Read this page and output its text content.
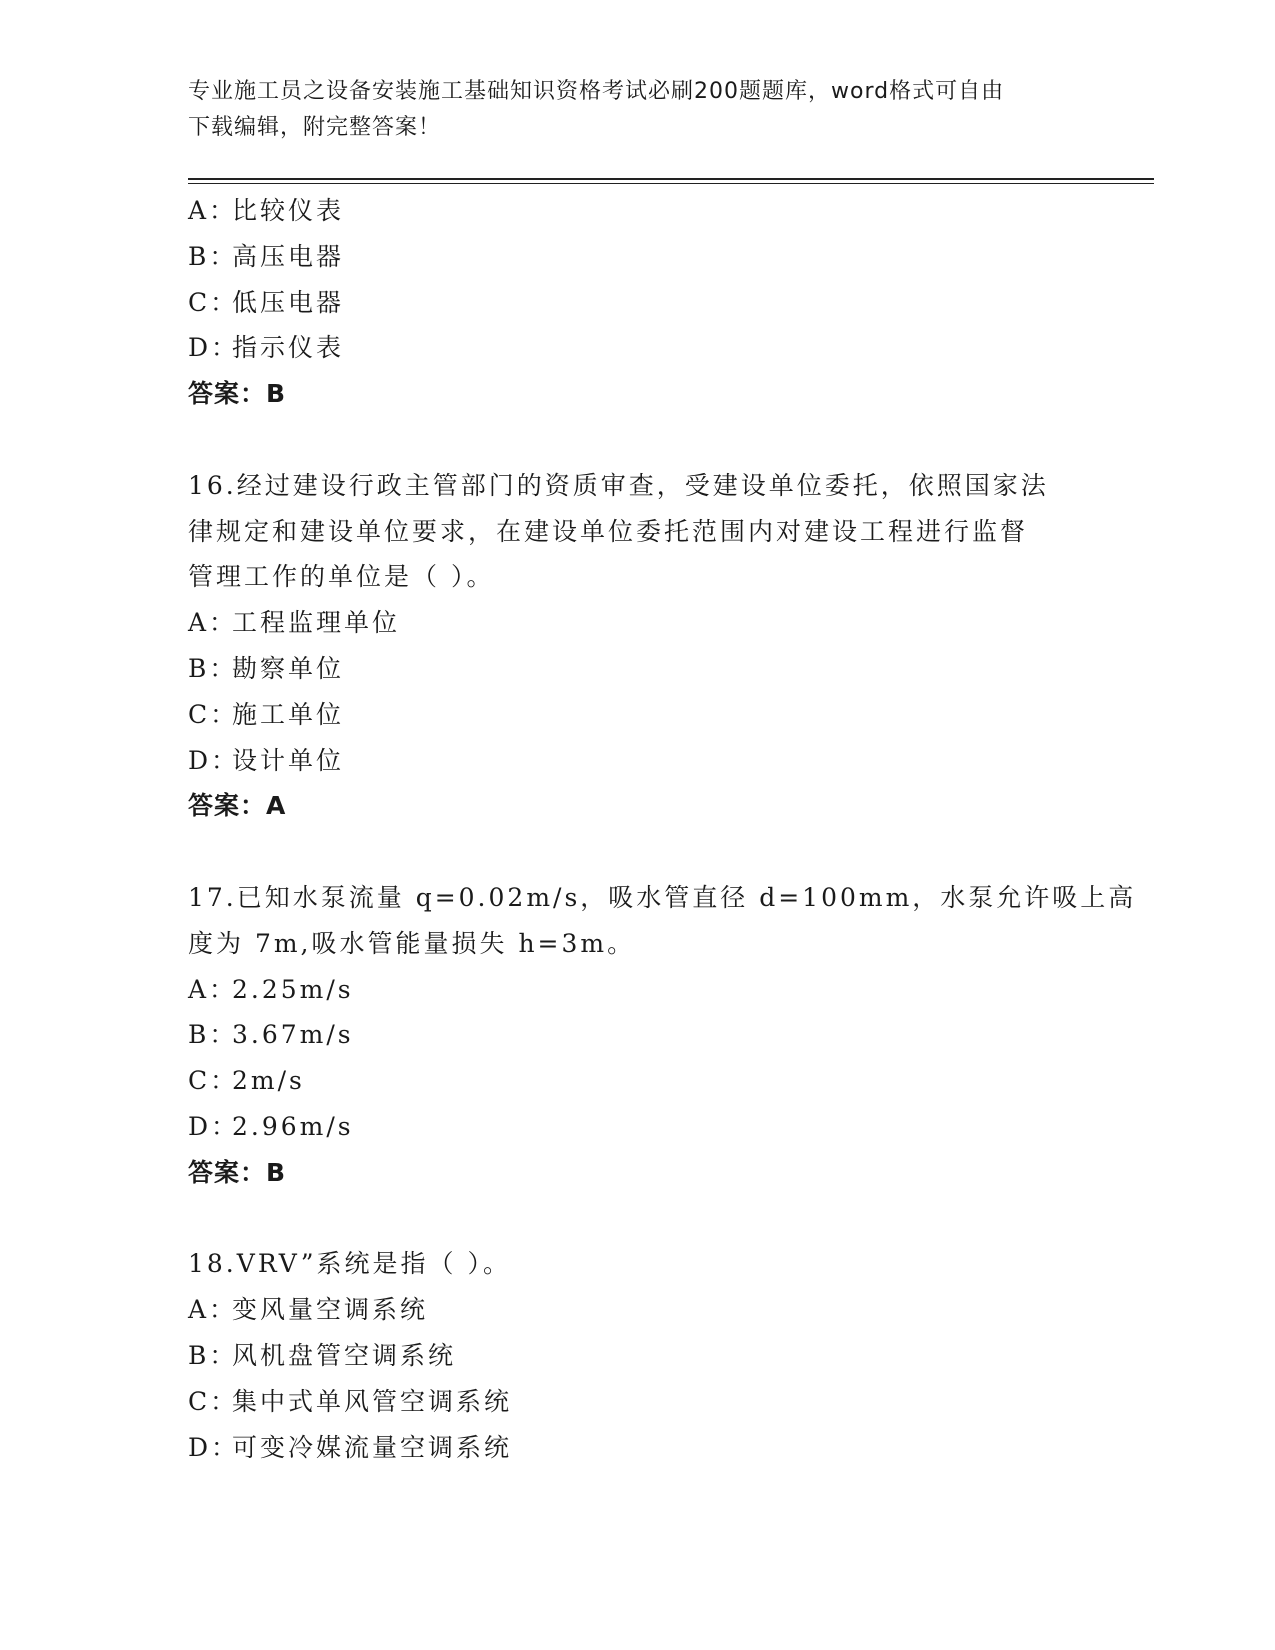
专业施工员之设备安装施工基础知识资格考试必刷200题题库，word格式可自由
下载编辑，附完整答案！
A：比较仪表
B：高压电器
C：低压电器
D：指示仪表
答案：B
16.经过建设行政主管部门的资质审查，受建设单位委托，依照国家法
律规定和建设单位要求，在建设单位委托范围内对建设工程进行监督
管理工作的单位是（ ）。
A：工程监理单位
B：勘察单位
C：施工单位
D：设计单位
答案：A
17.已知水泵流量 q=0.02m/s，吸水管直径 d=100mm，水泵允许吸上高
度为 7m,吸水管能量损失 h=3m。
A：2.25m/s
B：3.67m/s
C：2m/s
D：2.96m/s
答案：B
18.VRV”系统是指（ ）。
A：变风量空调系统
B：风机盘管空调系统
C：集中式单风管空调系统
D：可变冷媒流量空调系统
